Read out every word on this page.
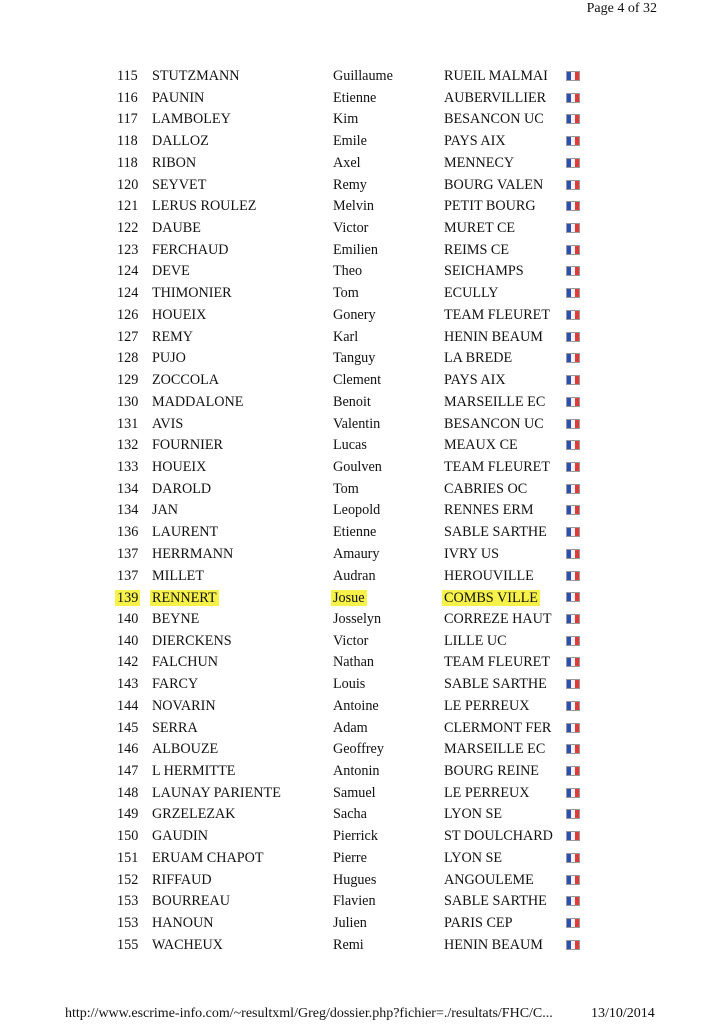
Page 4 of 32
115 STUTZMANN	Guillaume	RUEIL MALMAI
116 PAUNIN	Etienne	AUBERVILLIER
117 LAMBOLEY	Kim	BESANCON UC
118 DALLOZ	Emile	PAYS AIX
118 RIBON	Axel	MENNECY
120 SEYVET	Remy	BOURG VALEN
121 LERUS ROULEZ	Melvin	PETIT BOURG
122 DAUBE	Victor	MURET CE
123 FERCHAUD	Emilien	REIMS CE
124 DEVE	Theo	SEICHAMPS
124 THIMONIER	Tom	ECULLY
126 HOUEIX	Gonery	TEAM FLEURET
127 REMY	Karl	HENIN BEAUM
128 PUJO	Tanguy	LA BREDE
129 ZOCCOLA	Clement	PAYS AIX
130 MADDALONE	Benoit	MARSEILLE EC
131 AVIS	Valentin	BESANCON UC
132 FOURNIER	Lucas	MEAUX CE
133 HOUEIX	Goulven	TEAM FLEURET
134 DAROLD	Tom	CABRIES OC
134 JAN	Leopold	RENNES ERM
136 LAURENT	Etienne	SABLE SARTHE
137 HERRMANN	Amaury	IVRY US
137 MILLET	Audran	HEROUVILLE
139 RENNERT	Josue	COMBS VILLE
140 BEYNE	Josselyn	CORREZE HAUT
140 DIERCKENS	Victor	LILLE UC
142 FALCHUN	Nathan	TEAM FLEURET
143 FARCY	Louis	SABLE SARTHE
144 NOVARIN	Antoine	LE PERREUX
145 SERRA	Adam	CLERMONT FER
146 ALBOUZE	Geoffrey	MARSEILLE EC
147 L HERMITTE	Antonin	BOURG REINE
148 LAUNAY PARIENTE	Samuel	LE PERREUX
149 GRZELEZAK	Sacha	LYON SE
150 GAUDIN	Pierrick	ST DOULCHARD
151 ERUAM CHAPOT	Pierre	LYON SE
152 RIFFAUD	Hugues	ANGOULEME
153 BOURREAU	Flavien	SABLE SARTHE
153 HANOUN	Julien	PARIS CEP
155 WACHEUX	Remi	HENIN BEAUM
http://www.escrime-info.com/~resultxml/Greg/dossier.php?fichier=./resultats/FHC/C...	13/10/2014
